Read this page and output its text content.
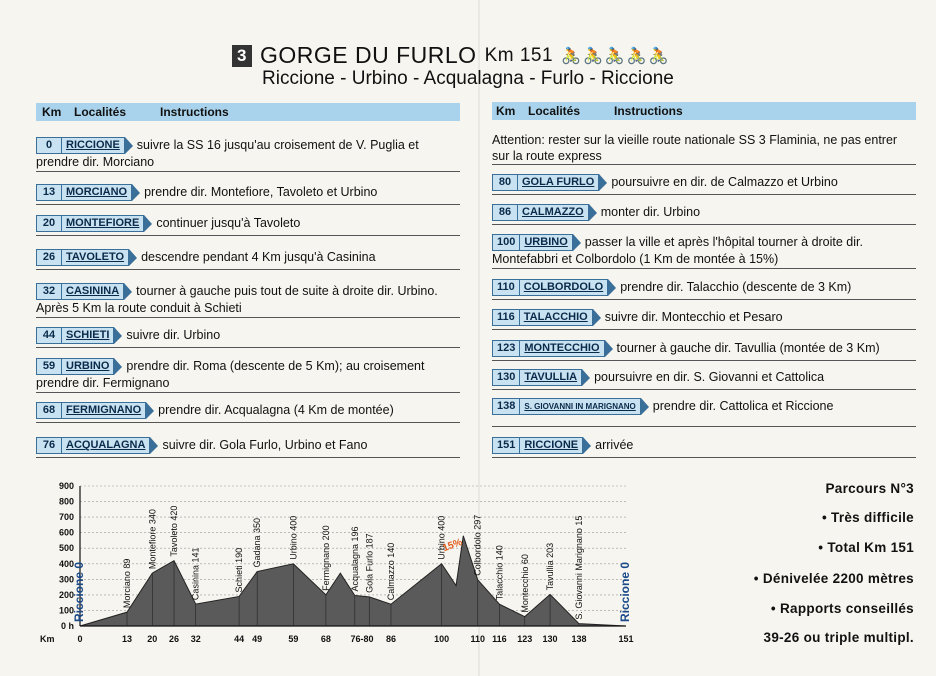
3 GORGE DU FURLO Km 151 🚴🚴🚴🚴🚴
Riccione - Urbino - Acqualagna - Furlo - Riccione
Km Localités	Instructions	Km Localités	Instructions
0 RICCIONE suivre la SS 16 jusqu'au croisement de V. Puglia et prendre dir. Morciano
13 MORCIANO prendre dir. Montefiore, Tavoleto et Urbino
20 MONTEFIORE continuer jusqu'à Tavoleto
26 TAVOLETO descendre pendant 4 Km jusqu'à Casinina
32 CASININA tourner à gauche puis tout de suite à droite dir. Urbino. Après 5 Km la route conduit à Schieti
44 SCHIETI suivre dir. Urbino
59 URBINO prendre dir. Roma (descente de 5 Km); au croisement prendre dir. Fermignano
68 FERMIGNANO prendre dir. Acqualagna (4 Km de montée)
76 ACQUALAGNA suivre dir. Gola Furlo, Urbino et Fano
Attention: rester sur la vieille route nationale SS 3 Flaminia, ne pas entrer sur la route express
80 GOLA FURLO poursuivre en dir. de Calmazzo et Urbino
86 CALMAZZO monter dir. Urbino
100 URBINO passer la ville et après l'hôpital tourner à droite dir. Montefabbri et Colbordolo (1 Km de montée à 15%)
110 COLBORDOLO prendre dir. Talacchio (descente de 3 Km)
116 TALACCHIO suivre dir. Montecchio et Pesaro
123 MONTECCHIO tourner à gauche dir. Tavullia (montée de 3 Km)
130 TAVULLIA poursuivre en dir. S. Giovanni et Cattolica
138 S. GIOVANNI IN MARIGNANO prendre dir. Cattolica et Riccione
151 RICCIONE arrivée
0 h
100
200
300
400
500
600
700
800
900
Km	0	13 20 26 32	44 49	59	68 76-80 86	100 110 116 123 130 138	151
Riccione 0	Morciano 89
Montefiore 340 Tavoleto 420
Casinina 141	Schieti 190
Gadana 350	Urbino 400	Fermignano 200 Acqualagna 196 Gola Furlo 187 Calmazzo 140
Urbino 400	Colbordolo 297 Talacchio 140 Montecchio 60 Tavullia 203 S. Giovanni Marignano 15	Riccione 0
15%
Parcours N°3
• Très difficile
• Total Km 151
• Dénivelée 2200 mètres
• Rapports conseillés
39-26 ou triple multipl.
